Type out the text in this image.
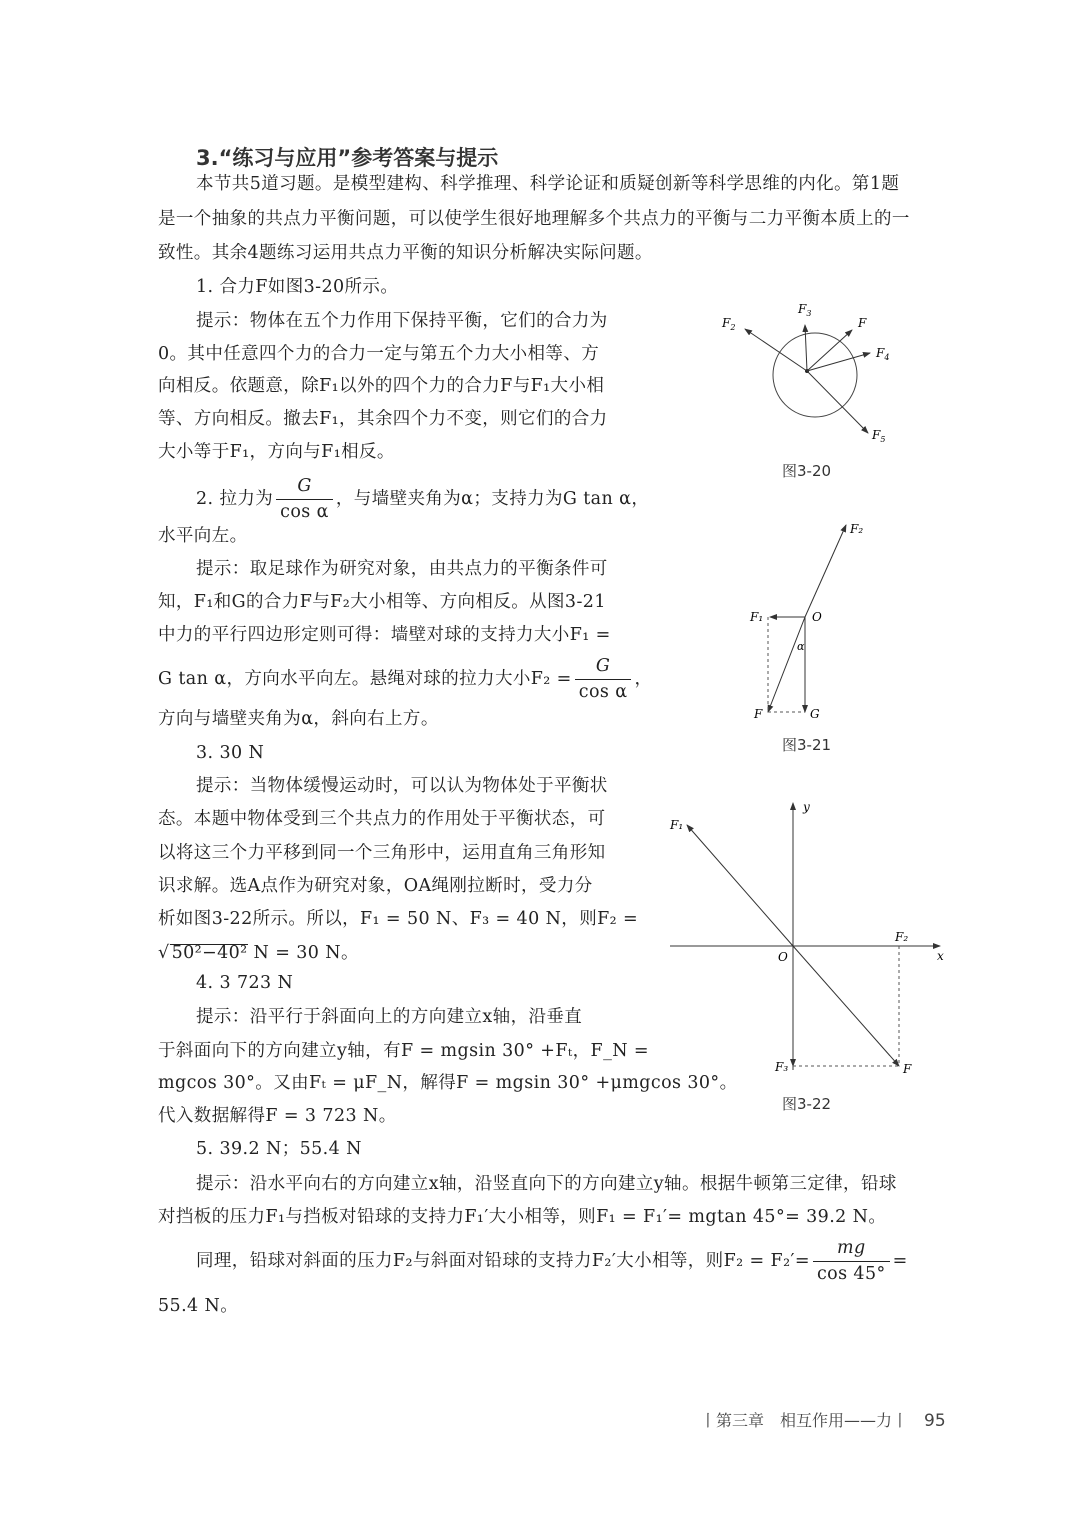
3.“练习与应用”参考答案与提示
本节共5道习题。是模型建构、科学推理、科学论证和质疑创新等科学思维的内化。第1题
是一个抽象的共点力平衡问题，可以使学生很好地理解多个共点力的平衡与二力平衡本质上的一
致性。其余4题练习运用共点力平衡的知识分析解决实际问题。
1. 合力F如图3-20所示。
提示：物体在五个力作用下保持平衡，它们的合力为
0。其中任意四个力的合力一定与第五个力大小相等、方
向相反。依题意，除F₁以外的四个力的合力F与F₁大小相
等、方向相反。撤去F₁，其余四个力不变，则它们的合力
大小等于F₁，方向与F₁相反。
2. 拉力为 $\frac{G}{\text{cos α}}$ ，与墙壁夹角为α；支持力为G tan α，
水平向左。
提示：取足球作为研究对象，由共点力的平衡条件可
知，F₁和G的合力F与F₂大小相等、方向相反。从图3-21
中力的平行四边形定则可得：墙壁对球的支持力大小F₁ =
G tan α，方向水平向左。悬绳对球的拉力大小$F_2 = \frac{G}{\text{cos α}}$ ，
方向与墙壁夹角为α，斜向右上方。
3. 30 N
提示：当物体缓慢运动时，可以认为物体处于平衡状
态。本题中物体受到三个共点力的作用处于平衡状态，可
以将这三个力平移到同一个三角形中，运用直角三角形知
识求解。选A点作为研究对象，OA绳刚拉断时，受力分
析如图3-22所示。所以，F₁ = 50 N、F₃ = 40 N，则F₂ =
√ 50²−40² N = 30 N。
4. 3 723 N
提示：沿平行于斜面向上的方向建立x轴，沿垂直
于斜面向下的方向建立y轴，有F = mgsin 30° +Fₜ，F_N =
mgcos 30°。又由Fₜ = μF_N，解得F = mgsin 30° +μmgcos 30°。
代入数据解得F = 3 723 N。
5. 39.2 N；55.4 N
提示：沿水平向右的方向建立x轴，沿竖直向下的方向建立y轴。根据牛顿第三定律，铅球
对挡板的压力F₁与挡板对铅球的支持力F₁′大小相等，则F₁ = F₁′= mgtan 45°= 39.2 N。
同理，铅球对斜面的压力F₂与斜面对铅球的支持力F₂′大小相等，则$F_2 = F_2'= \frac{mg}{\cos 45^\circ}$ =
55.4 N。
$F_2$
$F_3$
F
$F_4$
$F_5$
图3-20
F₂
F₁	O
α
F	G
图3-21
F₁
y
F₂
O	x
F₃	F
图3-22
丨第三章　相互作用——力丨 95
